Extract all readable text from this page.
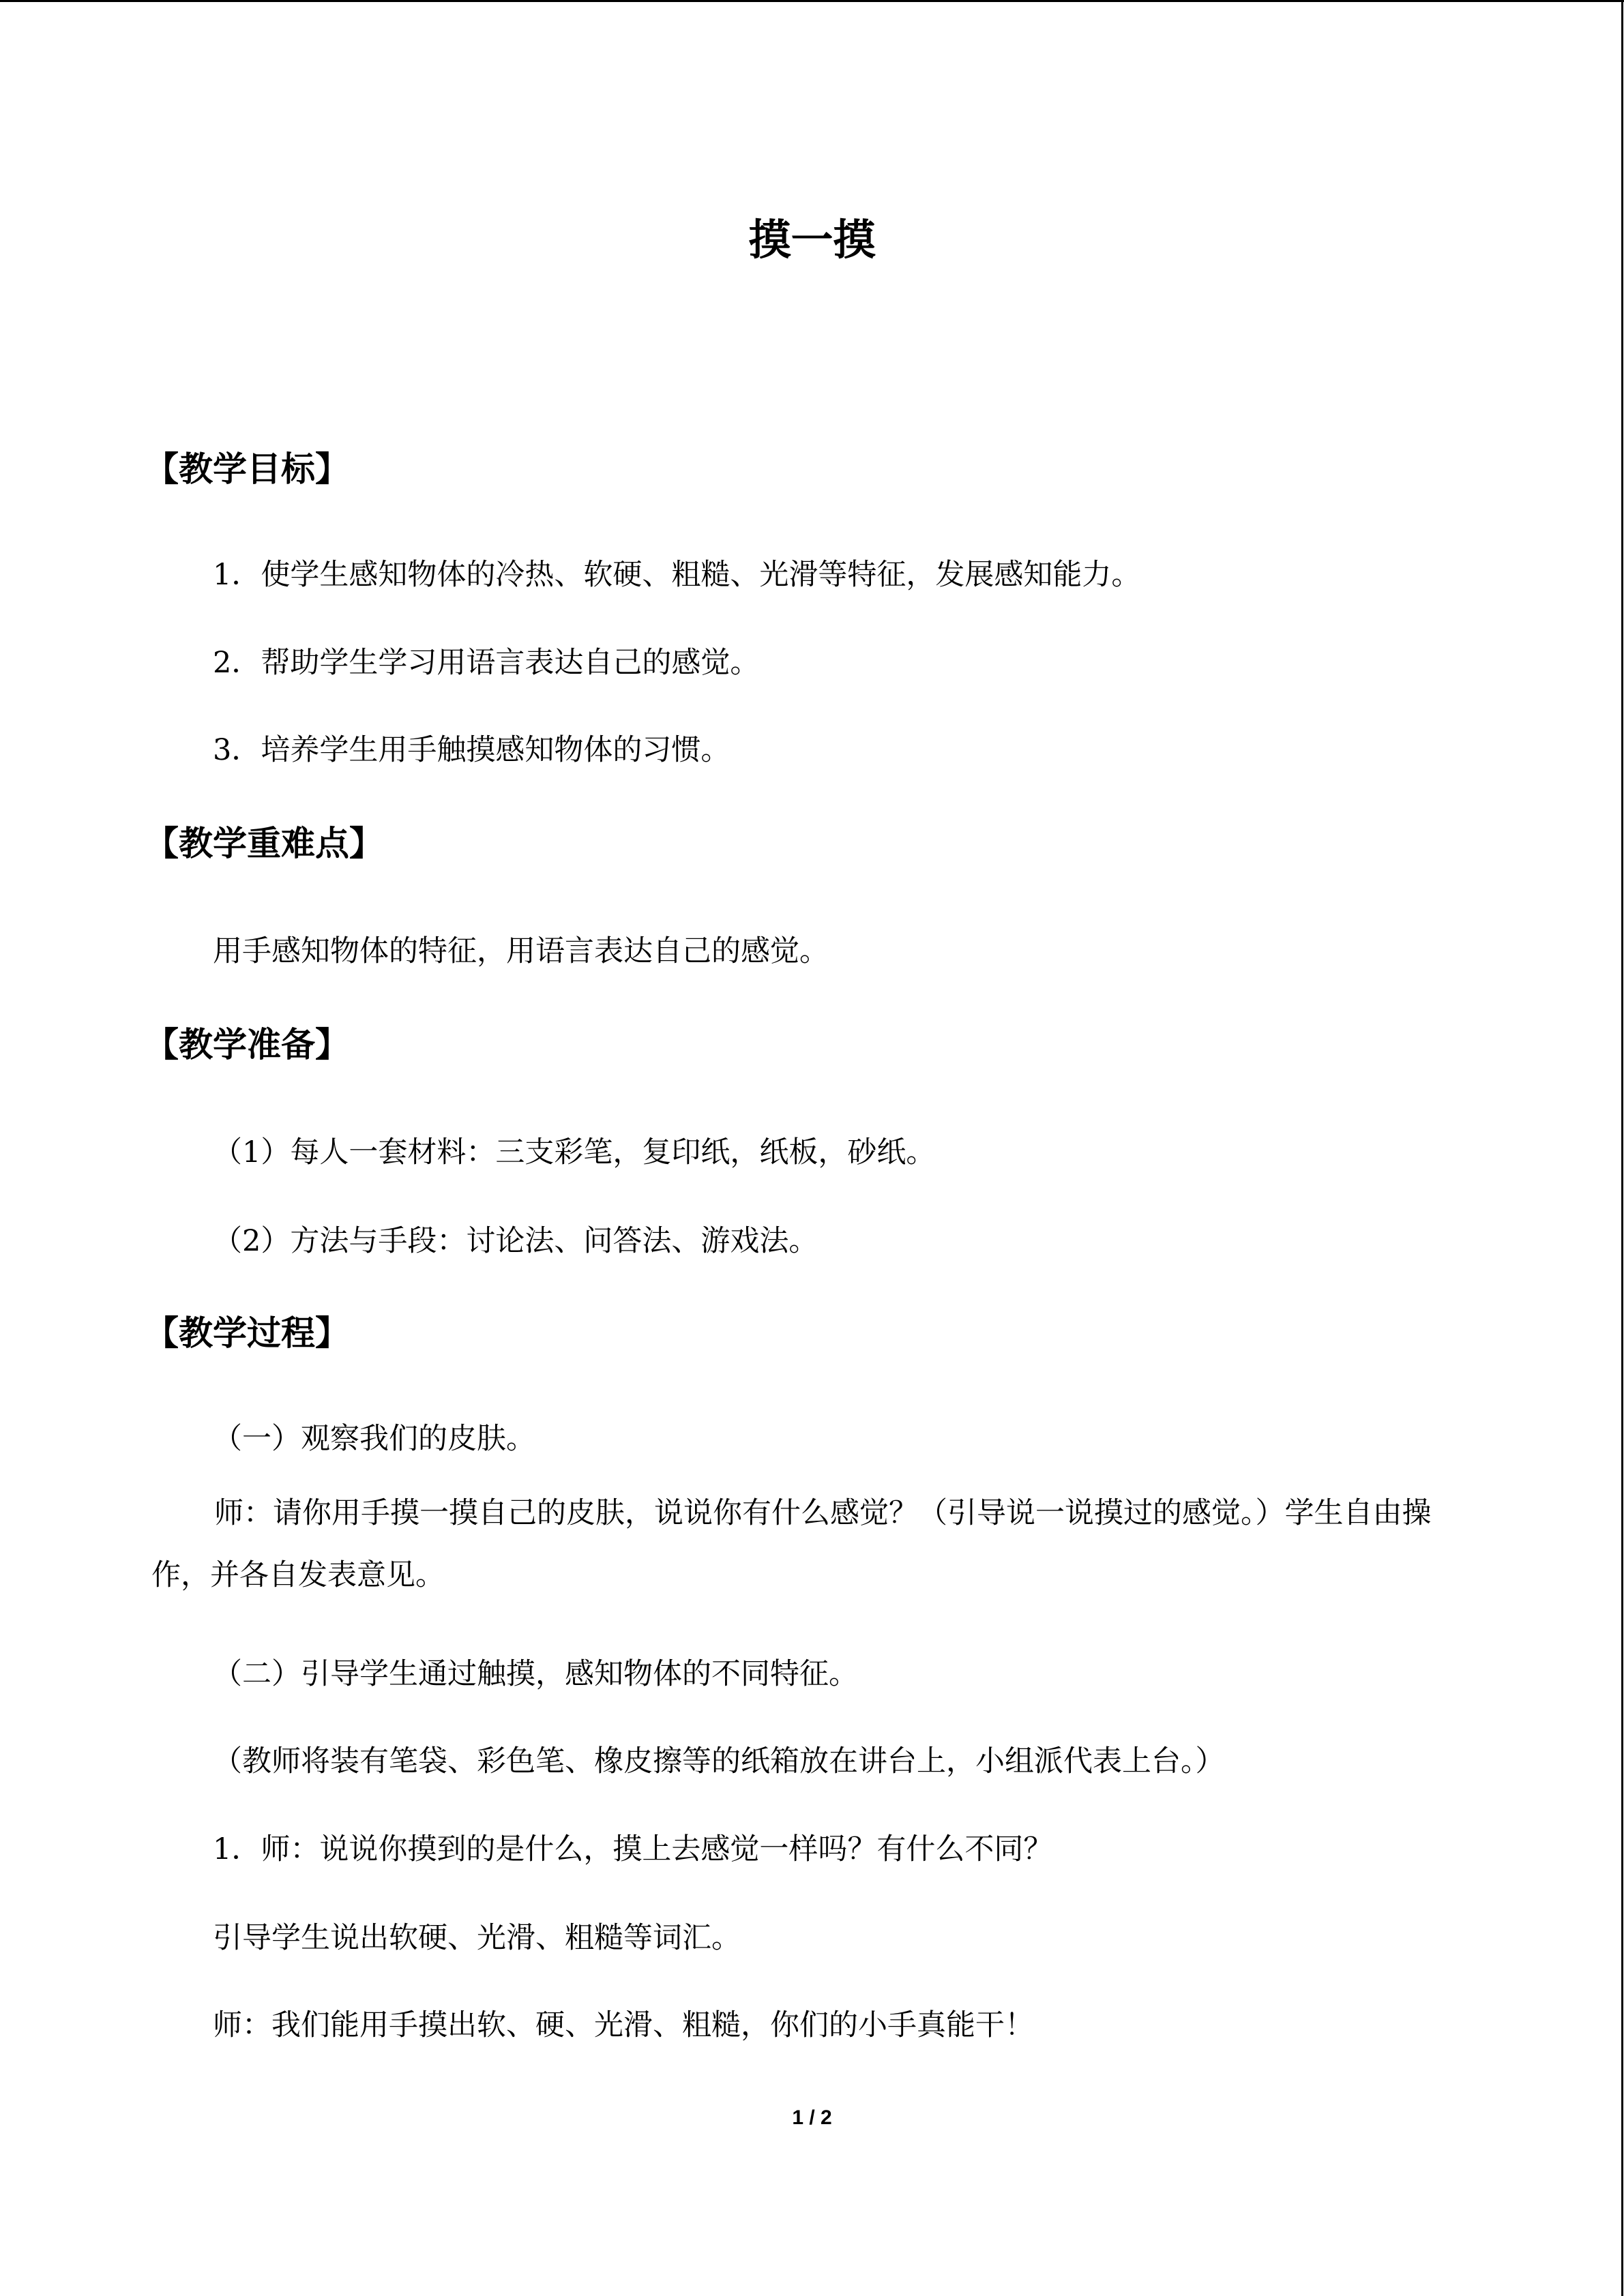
摸一摸
【教学目标】
1．使学生感知物体的冷热、软硬、粗糙、光滑等特征，发展感知能力。
2．帮助学生学习用语言表达自己的感觉。
3．培养学生用手触摸感知物体的习惯。
【教学重难点】
用手感知物体的特征，用语言表达自己的感觉。
【教学准备】
（1）每人一套材料：三支彩笔，复印纸，纸板，砂纸。
（2）方法与手段：讨论法、问答法、游戏法。
【教学过程】
（一）观察我们的皮肤。
师：请你用手摸一摸自己的皮肤，说说你有什么感觉？（引导说一说摸过的感觉。）学生自由操作，并各自发表意见。
（二）引导学生通过触摸，感知物体的不同特征。
（教师将装有笔袋、彩色笔、橡皮擦等的纸箱放在讲台上，小组派代表上台。）
1．师：说说你摸到的是什么，摸上去感觉一样吗？有什么不同？
引导学生说出软硬、光滑、粗糙等词汇。
师：我们能用手摸出软、硬、光滑、粗糙，你们的小手真能干！
1 / 2
